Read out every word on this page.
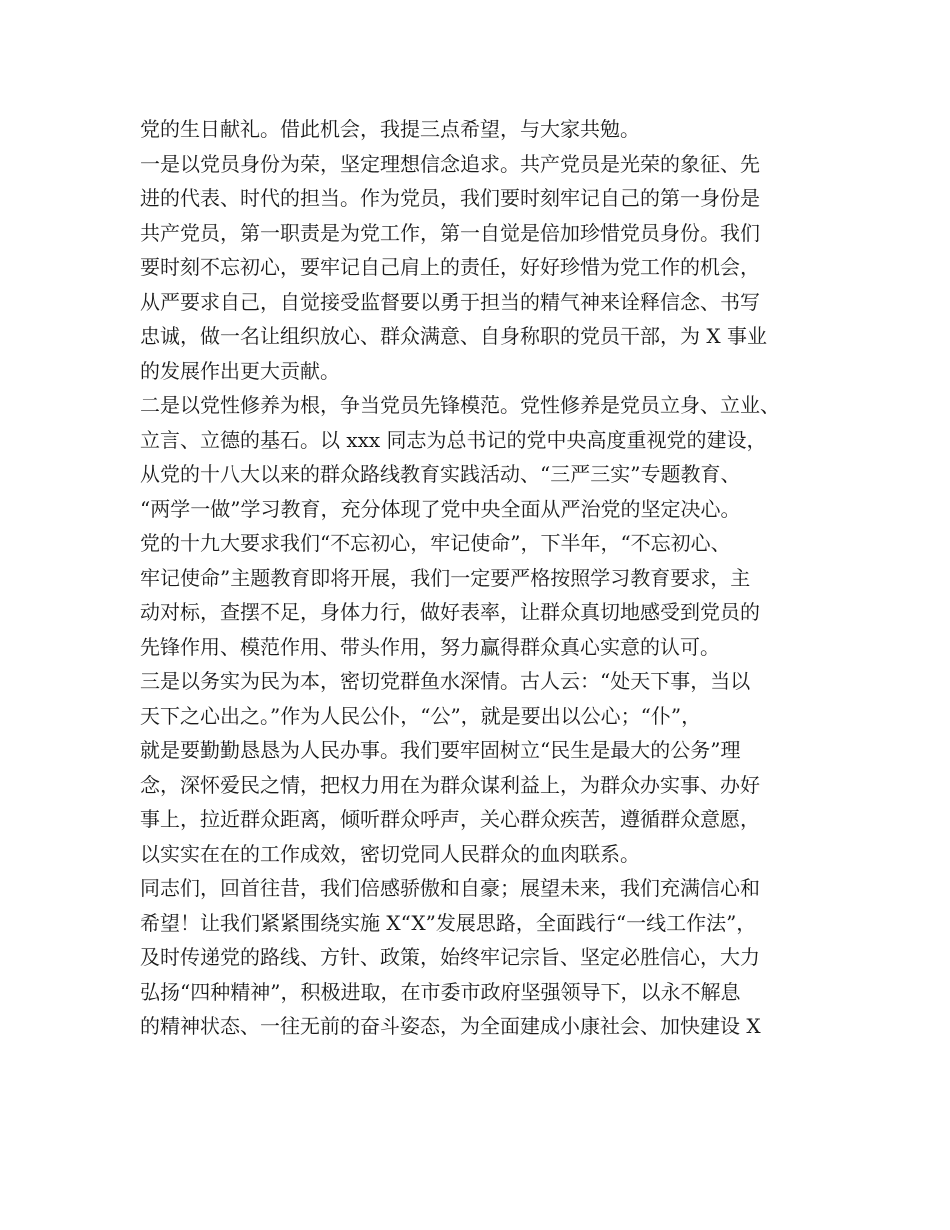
党的生日献礼。借此机会，我提三点希望，与大家共勉。
一是以党员身份为荣，坚定理想信念追求。共产党员是光荣的象征、先
进的代表、时代的担当。作为党员，我们要时刻牢记自己的第一身份是
共产党员，第一职责是为党工作，第一自觉是倍加珍惜党员身份。我们
要时刻不忘初心，要牢记自己肩上的责任，好好珍惜为党工作的机会，
从严要求自己，自觉接受监督要以勇于担当的精气神来诠释信念、书写
忠诚，做一名让组织放心、群众满意、自身称职的党员干部，为 X 事业
的发展作出更大贡献。
二是以党性修养为根，争当党员先锋模范。党性修养是党员立身、立业、
立言、立德的基石。以 xxx 同志为总书记的党中央高度重视党的建设，
从党的十八大以来的群众路线教育实践活动、“三严三实”专题教育、
“两学一做”学习教育，充分体现了党中央全面从严治党的坚定决心。
党的十九大要求我们“不忘初心，牢记使命”，下半年，“不忘初心、
牢记使命”主题教育即将开展，我们一定要严格按照学习教育要求，主
动对标，查摆不足，身体力行，做好表率，让群众真切地感受到党员的
先锋作用、模范作用、带头作用，努力赢得群众真心实意的认可。
三是以务实为民为本，密切党群鱼水深情。古人云：“处天下事，当以
天下之心出之。”作为人民公仆，“公”，就是要出以公心；“仆”，
就是要勤勤恳恳为人民办事。我们要牢固树立“民生是最大的公务”理
念，深怀爱民之情，把权力用在为群众谋利益上，为群众办实事、办好
事上，拉近群众距离，倾听群众呼声，关心群众疾苦，遵循群众意愿，
以实实在在的工作成效，密切党同人民群众的血肉联系。
同志们，回首往昔，我们倍感骄傲和自豪；展望未来，我们充满信心和
希望！让我们紧紧围绕实施 X“X”发展思路，全面践行“一线工作法”，
及时传递党的路线、方针、政策，始终牢记宗旨、坚定必胜信心，大力
弘扬“四种精神”，积极进取，在市委市政府坚强领导下，以永不解息
的精神状态、一往无前的奋斗姿态，为全面建成小康社会、加快建设 X
